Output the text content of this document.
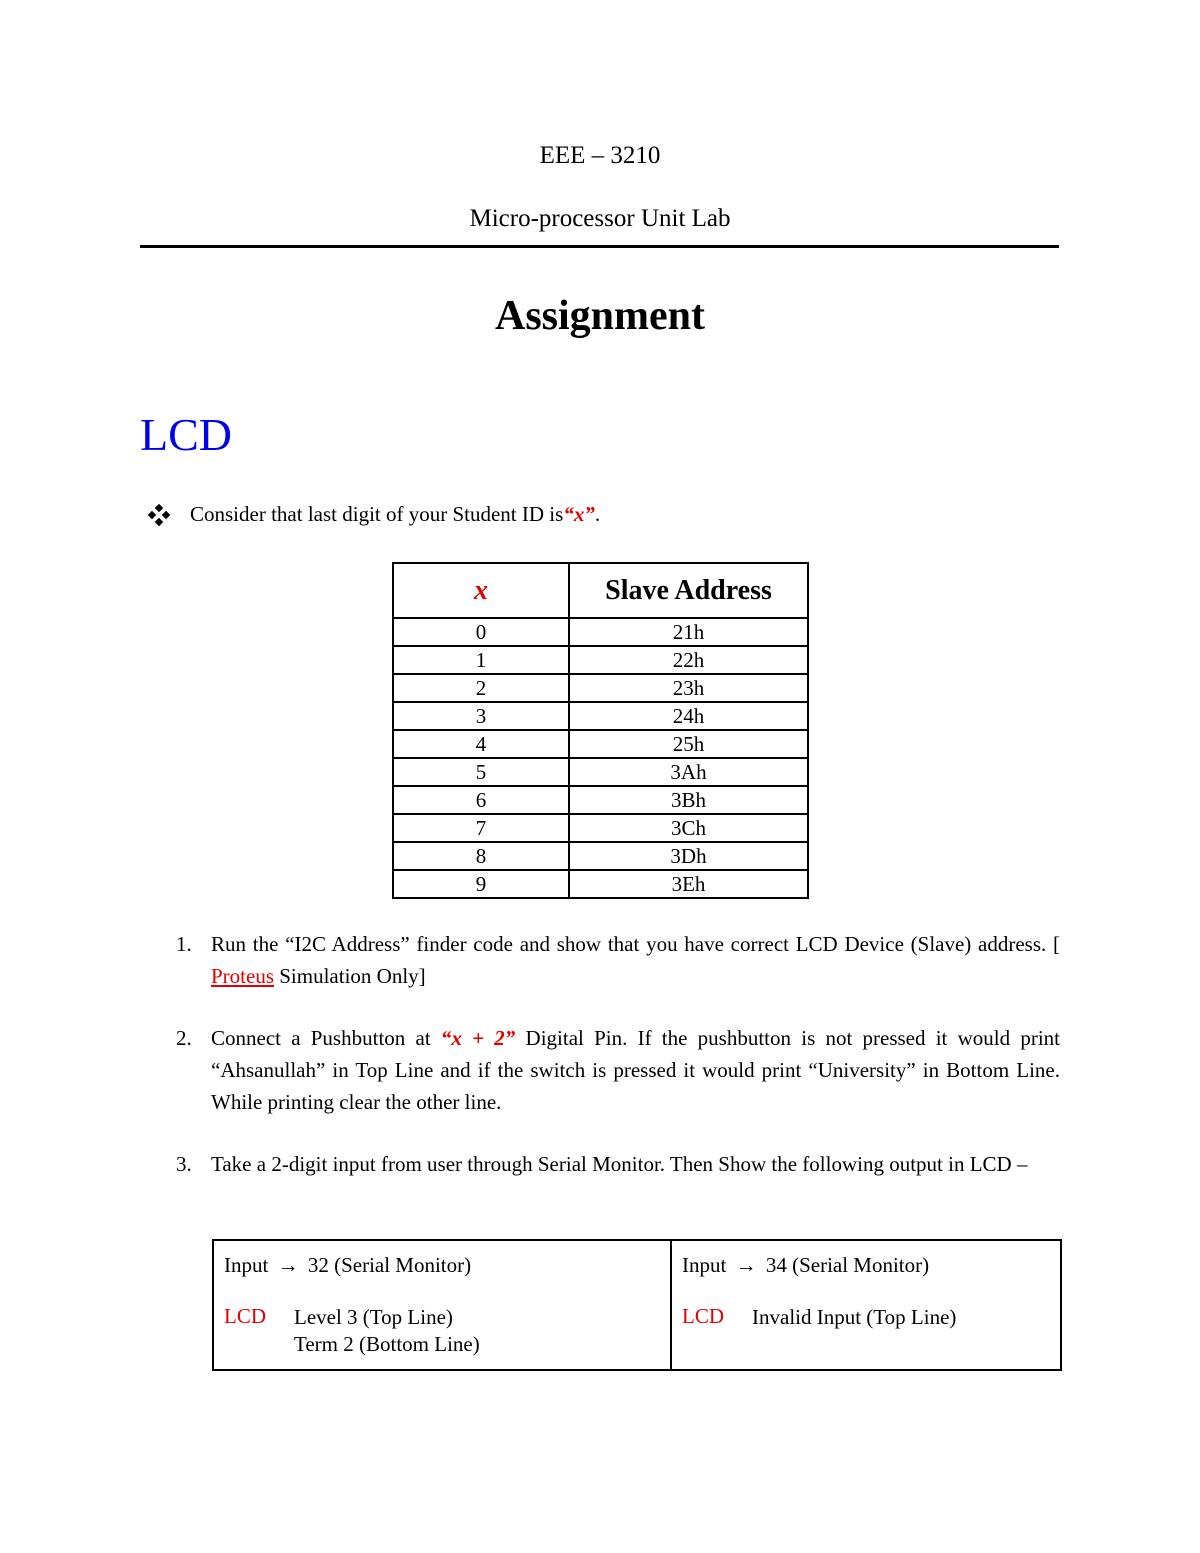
EEE – 3210
Micro-processor Unit Lab
Assignment
LCD
Consider that last digit of your Student ID is “x” .
x	Slave Address
0	21h
1	22h
2	23h
3	24h
4	25h
5	3Ah
6	3Bh
7	3Ch
8	3Dh
9	3Eh
1. Run the “I2C Address” finder code and show that you have correct LCD Device (Slave) address. [ Proteus Simulation Only]
2. Connect a Pushbutton at “x + 2” Digital Pin. If the pushbutton is not pressed it would print “Ahsanullah” in Top Line and if the switch is pressed it would print “University” in Bottom Line. While printing clear the other line.
3. Take a 2-digit input from user through Serial Monitor. Then Show the following output in LCD –
Input → 32 (Serial Monitor)
LCD	Level 3 (Top Line)
Term 2 (Bottom Line)

Input → 34 (Serial Monitor)
LCD	Invalid Input (Top Line)
